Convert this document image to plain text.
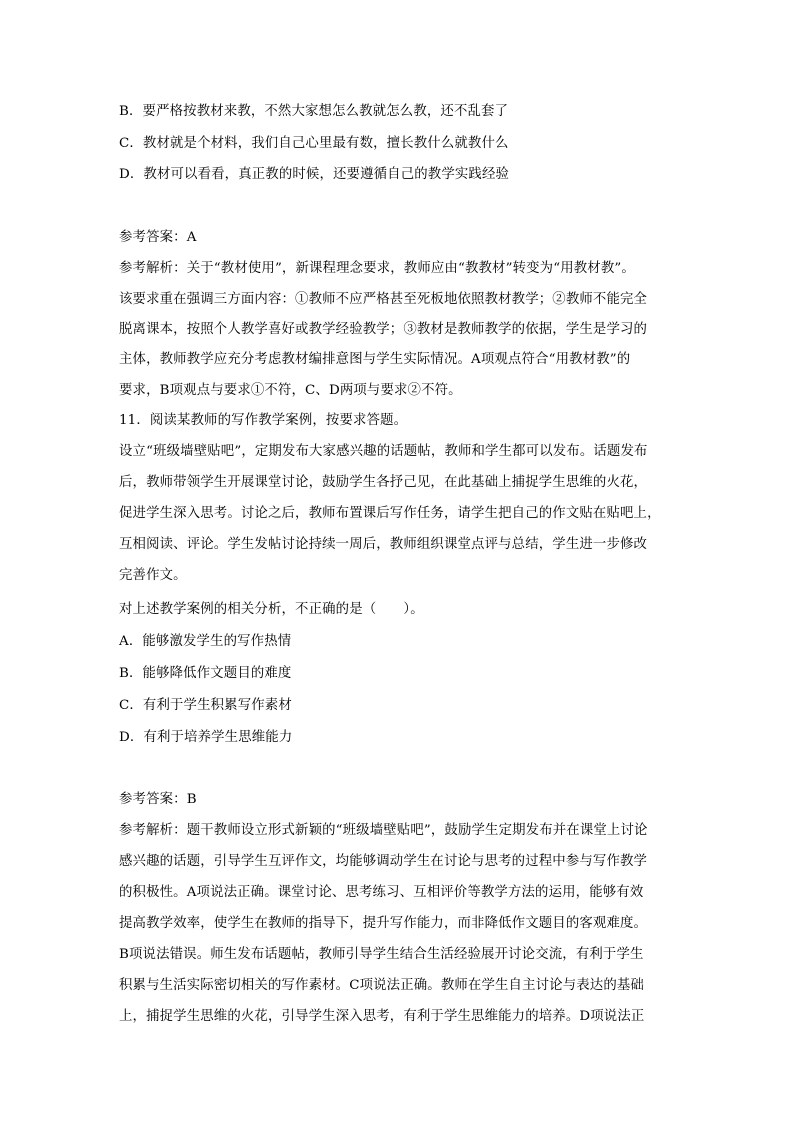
B．要严格按教材来教，不然大家想怎么教就怎么教，还不乱套了
C．教材就是个材料，我们自己心里最有数，擅长教什么就教什么
D．教材可以看看，真正教的时候，还要遵循自己的教学实践经验
参考答案：A
参考解析：关于“教材使用”，新课程理念要求，教师应由“教教材”转变为“用教材教”。
该要求重在强调三方面内容：①教师不应严格甚至死板地依照教材教学；②教师不能完全
脱离课本，按照个人教学喜好或教学经验教学；③教材是教师教学的依据，学生是学习的
主体，教师教学应充分考虑教材编排意图与学生实际情况。A项观点符合“用教材教”的
要求，B项观点与要求①不符，C、D两项与要求②不符。
11．阅读某教师的写作教学案例，按要求答题。
设立“班级墙壁贴吧”，定期发布大家感兴趣的话题帖，教师和学生都可以发布。话题发布
后，教师带领学生开展课堂讨论，鼓励学生各抒己见，在此基础上捕捉学生思维的火花，
促进学生深入思考。讨论之后，教师布置课后写作任务，请学生把自己的作文贴在贴吧上，
互相阅读、评论。学生发帖讨论持续一周后，教师组织课堂点评与总结，学生进一步修改
完善作文。
对上述教学案例的相关分析，不正确的是（　　）。
A．能够激发学生的写作热情
B．能够降低作文题目的难度
C．有利于学生积累写作素材
D．有利于培养学生思维能力
参考答案：B
参考解析：题干教师设立形式新颖的“班级墙壁贴吧”，鼓励学生定期发布并在课堂上讨论
感兴趣的话题，引导学生互评作文，均能够调动学生在讨论与思考的过程中参与写作教学
的积极性。A项说法正确。课堂讨论、思考练习、互相评价等教学方法的运用，能够有效
提高教学效率，使学生在教师的指导下，提升写作能力，而非降低作文题目的客观难度。
B项说法错误。师生发布话题帖，教师引导学生结合生活经验展开讨论交流，有利于学生
积累与生活实际密切相关的写作素材。C项说法正确。教师在学生自主讨论与表达的基础
上，捕捉学生思维的火花，引导学生深入思考，有利于学生思维能力的培养。D项说法正
